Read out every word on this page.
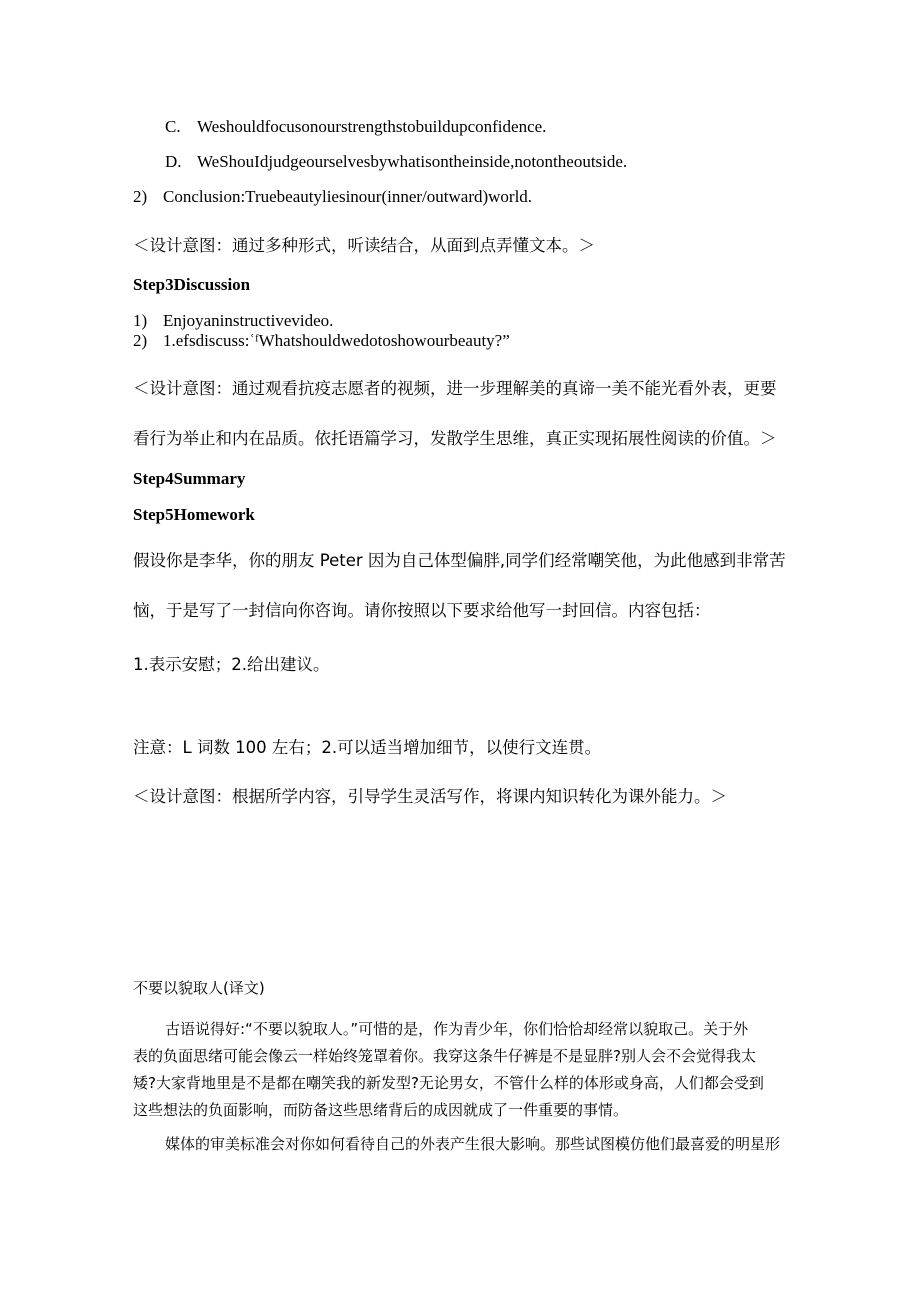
C. Weshouldfocusonourstrengthstobuildupconfidence.
D. WeShouIdjudgeourselvesbywhatisontheinside,notontheoutside.
2) Conclusion:Truebeautyliesinour(inner/outward)world.
＜设计意图：通过多种形式，听读结合，从面到点弄懂文本。＞
Step3Discussion
1) Enjoyaninstructivevideo.
2) 1.efsdiscuss:ʿᶠWhatshouldwedotoshowourbeauty?”
＜设计意图：通过观看抗疫志愿者的视频，进一步理解美的真谛一美不能光看外表，更要
看行为举止和内在品质。依托语篇学习，发散学生思维，真正实现拓展性阅读的价值。＞
Step4Summary
Step5Homework
假设你是李华，你的朋友 Peter 因为自己体型偏胖,同学们经常嘲笑他，为此他感到非常苦
恼，于是写了一封信向你咨询。请你按照以下要求给他写一封回信。内容包括：
1.表示安慰；2.给出建议。
注意：L 词数 100 左右；2.可以适当增加细节，以使行文连贯。
＜设计意图：根据所学内容，引导学生灵活写作，将课内知识转化为课外能力。＞
不要以貌取人(译文)
古语说得好:“不要以貌取人。”可惜的是，作为青少年，你们恰恰却经常以貌取己。关于外
表的负面思绪可能会像云一样始终笼罩着你。我穿这条牛仔裤是不是显胖?别人会不会觉得我太
矮?大家背地里是不是都在嘲笑我的新发型?无论男女，不管什么样的体形或身高，人们都会受到
这些想法的负面影响，而防备这些思绪背后的成因就成了一件重要的事情。
媒体的审美标准会对你如何看待自己的外表产生很大影响。那些试图模仿他们最喜爱的明星形
